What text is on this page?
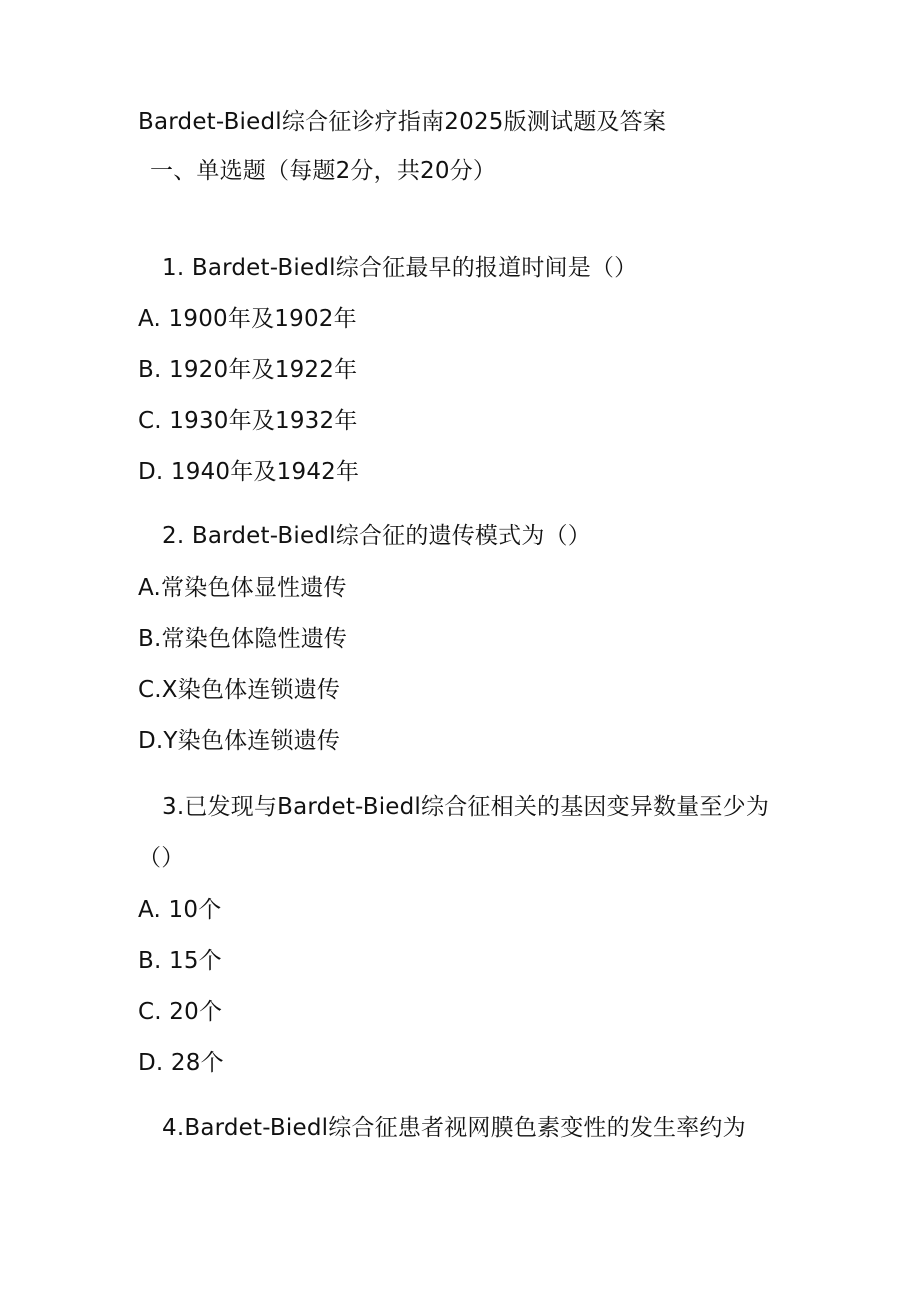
Bardet-Biedl综合征诊疗指南2025版测试题及答案
一、单选题（每题2分，共20分）
1. Bardet-Biedl综合征最早的报道时间是（）
A. 1900年及1902年
B. 1920年及1922年
C. 1930年及1932年
D. 1940年及1942年
2. Bardet-Biedl综合征的遗传模式为（）
A.常染色体显性遗传
B.常染色体隐性遗传
C.X染色体连锁遗传
D.Y染色体连锁遗传
3.已发现与Bardet-Biedl综合征相关的基因变异数量至少为
（）
A. 10个
B. 15个
C. 20个
D. 28个
4.Bardet-Biedl综合征患者视网膜色素变性的发生率约为
